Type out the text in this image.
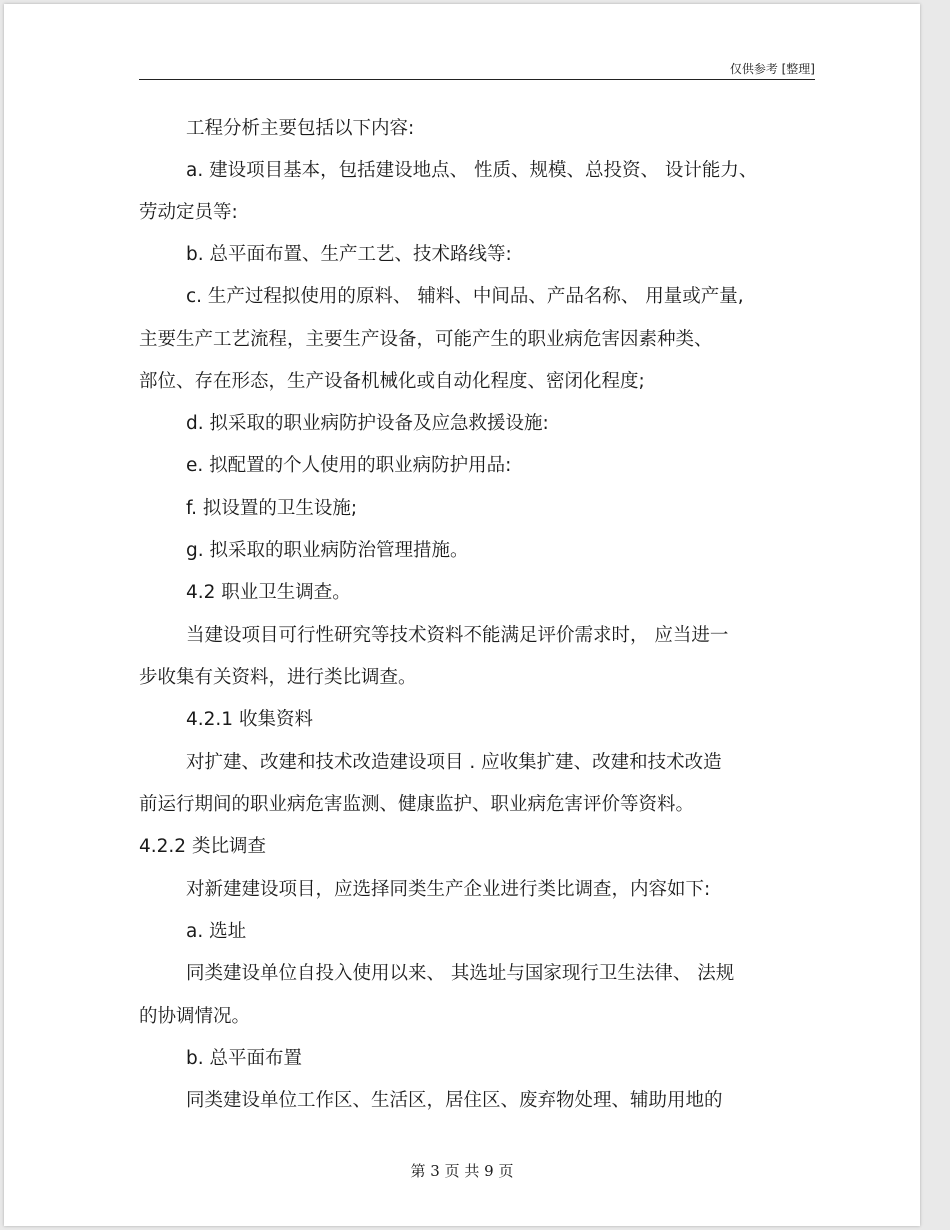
仅供参考 [整理]
工程分析主要包括以下内容:
a. 建设项目基本，包括建设地点、 性质、规模、总投资、 设计能力、
劳动定员等:
b. 总平面布置、生产工艺、技术路线等:
c. 生产过程拟使用的原料、 辅料、中间品、产品名称、 用量或产量,
主要生产工艺流程，主要生产设备，可能产生的职业病危害因素种类、
部位、存在形态，生产设备机械化或自动化程度、密闭化程度;
d. 拟采取的职业病防护设备及应急救援设施:
e. 拟配置的个人使用的职业病防护用品:
f. 拟设置的卫生设施;
g. 拟采取的职业病防治管理措施。
4.2 职业卫生调查。
当建设项目可行性研究等技术资料不能满足评价需求时， 应当进一
步收集有关资料，进行类比调查。
4.2.1 收集资料
对扩建、改建和技术改造建设项目 . 应收集扩建、改建和技术改造
前运行期间的职业病危害监测、健康监护、职业病危害评价等资料。
4.2.2 类比调查
对新建建设项目，应选择同类生产企业进行类比调查，内容如下:
a. 选址
同类建设单位自投入使用以来、 其选址与国家现行卫生法律、 法规
的协调情况。
b. 总平面布置
同类建设单位工作区、生活区，居住区、废弃物处理、辅助用地的
第 3 页 共 9 页
